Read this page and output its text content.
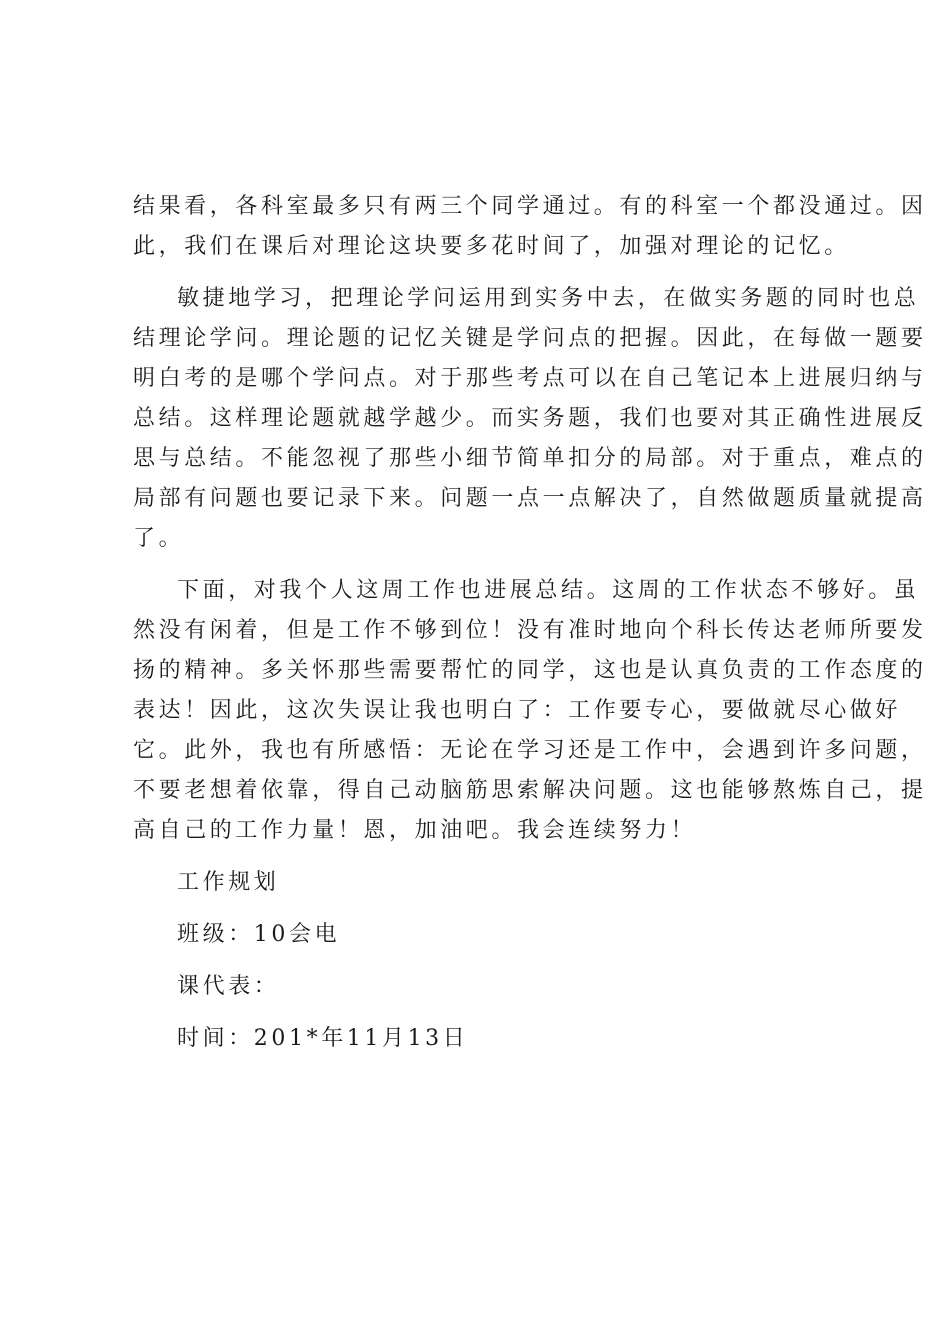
结果看，各科室最多只有两三个同学通过。有的科室一个都没通过。因
此，我们在课后对理论这块要多花时间了，加强对理论的记忆。
敏捷地学习，把理论学问运用到实务中去，在做实务题的同时也总
结理论学问。理论题的记忆关键是学问点的把握。因此，在每做一题要
明白考的是哪个学问点。对于那些考点可以在自己笔记本上进展归纳与
总结。这样理论题就越学越少。而实务题，我们也要对其正确性进展反
思与总结。不能忽视了那些小细节简单扣分的局部。对于重点，难点的
局部有问题也要记录下来。问题一点一点解决了，自然做题质量就提高
了。
下面，对我个人这周工作也进展总结。这周的工作状态不够好。虽
然没有闲着，但是工作不够到位！没有准时地向个科长传达老师所要发
扬的精神。多关怀那些需要帮忙的同学，这也是认真负责的工作态度的
表达！因此，这次失误让我也明白了：工作要专心，要做就尽心做好
它。此外，我也有所感悟：无论在学习还是工作中，会遇到许多问题，
不要老想着依靠，得自己动脑筋思索解决问题。这也能够熬炼自己，提
高自己的工作力量！恩，加油吧。我会连续努力！
工作规划
班级：10会电
课代表：
时间：201*年11月13日
